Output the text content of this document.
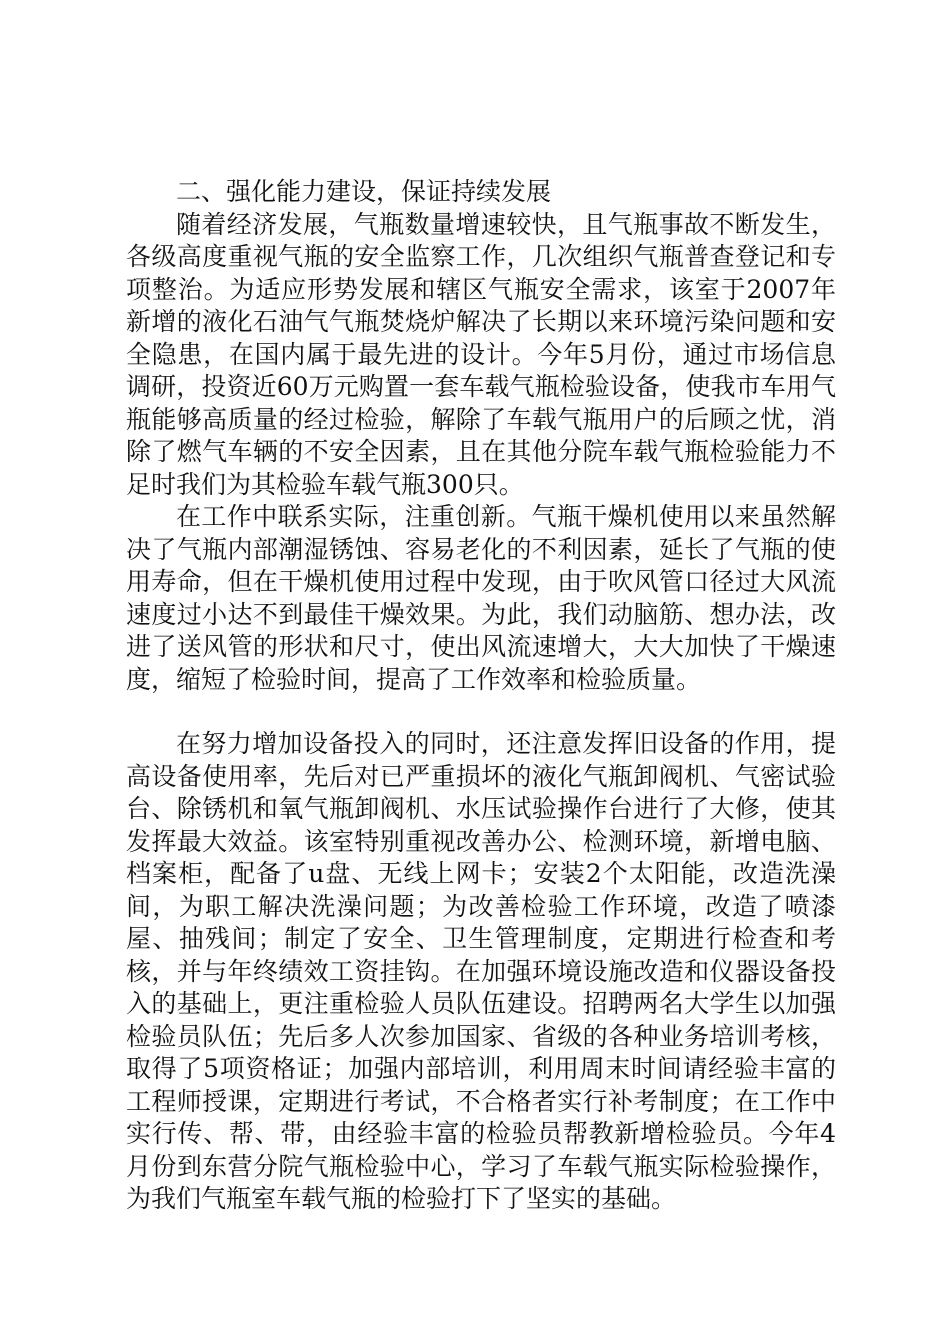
二、强化能力建设，保证持续发展

随着经济发展，气瓶数量增速较快，且气瓶事故不断发生，各级高度重视气瓶的安全监察工作，几次组织气瓶普查登记和专项整治。为适应形势发展和辖区气瓶安全需求，该室于2007年新增的液化石油气气瓶焚烧炉解决了长期以来环境污染问题和安全隐患，在国内属于最先进的设计。今年5月份，通过市场信息调研，投资近60万元购置一套车载气瓶检验设备，使我市车用气瓶能够高质量的经过检验，解除了车载气瓶用户的后顾之忧，消除了燃气车辆的不安全因素，且在其他分院车载气瓶检验能力不足时我们为其检验车载气瓶300只。

在工作中联系实际，注重创新。气瓶干燥机使用以来虽然解决了气瓶内部潮湿锈蚀、容易老化的不利因素，延长了气瓶的使用寿命，但在干燥机使用过程中发现，由于吹风管口径过大风流速度过小达不到最佳干燥效果。为此，我们动脑筋、想办法，改进了送风管的形状和尺寸，使出风流速增大，大大加快了干燥速度，缩短了检验时间，提高了工作效率和检验质量。

在努力增加设备投入的同时，还注意发挥旧设备的作用，提高设备使用率，先后对已严重损坏的液化气瓶卸阀机、气密试验台、除锈机和氧气瓶卸阀机、水压试验操作台进行了大修，使其发挥最大效益。该室特别重视改善办公、检测环境，新增电脑、档案柜，配备了u盘、无线上网卡；安装2个太阳能，改造洗澡间，为职工解决洗澡问题；为改善检验工作环境，改造了喷漆屋、抽残间；制定了安全、卫生管理制度，定期进行检查和考核，并与年终绩效工资挂钩。在加强环境设施改造和仪器设备投入的基础上，更注重检验人员队伍建设。招聘两名大学生以加强检验员队伍；先后多人次参加国家、省级的各种业务培训考核，取得了5项资格证；加强内部培训，利用周末时间请经验丰富的工程师授课，定期进行考试，不合格者实行补考制度；在工作中实行传、帮、带，由经验丰富的检验员帮教新增检验员。今年4月份到东营分院气瓶检验中心，学习了车载气瓶实际检验操作，为我们气瓶室车载气瓶的检验打下了坚实的基础。
